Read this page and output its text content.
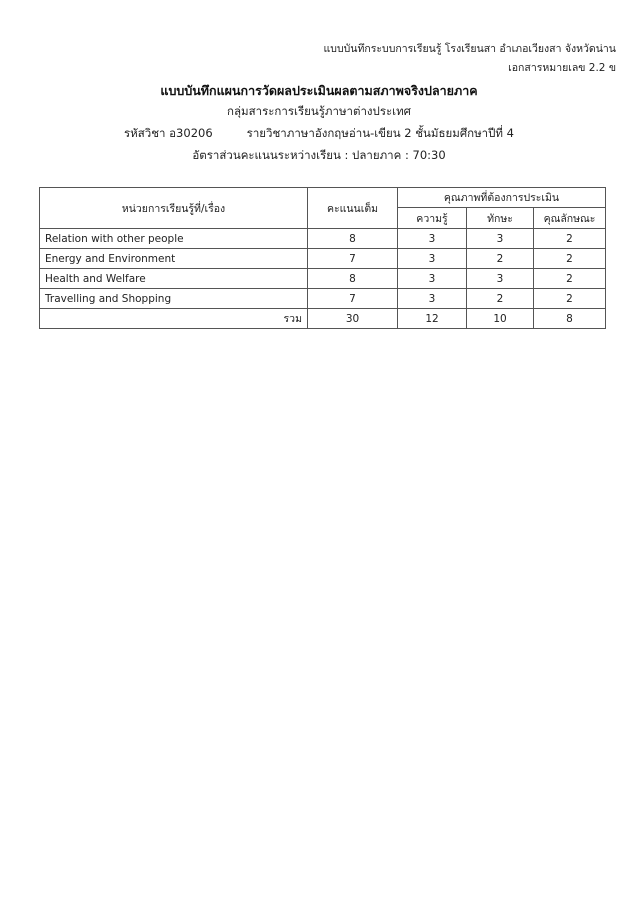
แบบบันทึกระบบการเรียนรู้ โรงเรียนสา อำเภอเวียงสา จังหวัดน่าน
เอกสารหมายเลข 2.2 ข
แบบบันทึกแผนการวัดผลประเมินผลตามสภาพจริงปลายภาค
กลุ่มสาระการเรียนรู้ภาษาต่างประเทศ
รหัสวิชา อ30206	รายวิชาภาษาอังกฤษอ่าน-เขียน 2 ชั้นมัธยมศึกษาปีที่ 4
อัตราส่วนคะแนนระหว่างเรียน : ปลายภาค : 70:30
หน่วยการเรียนรู้ที่/เรื่อง	คะแนนเต็ม	คุณภาพที่ต้องการประเมิน		
		ความรู้	ทักษะ	คุณลักษณะ
Relation with other people	8	3	3	2
Energy and Environment	7	3	2	2
Health and Welfare	8	3	3	2
Travelling and Shopping	7	3	2	2
รวม	30	12	10	8
